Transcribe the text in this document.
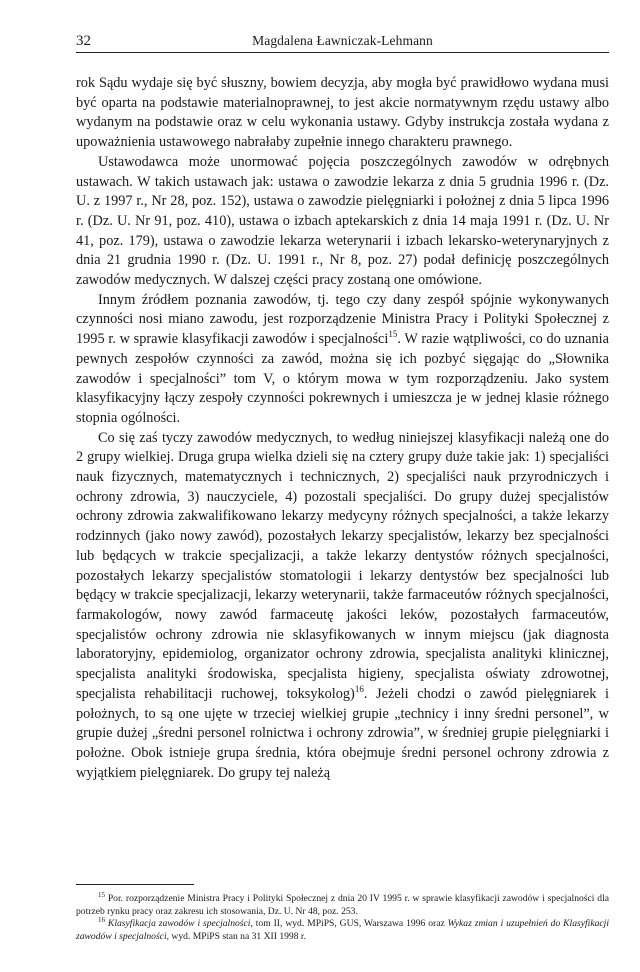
32	Magdalena Ławniczak-Lehmann

rok Sądu wydaje się być słuszny, bowiem decyzja, aby mogła być prawidłowo wydana musi być oparta na podstawie materialnoprawnej, to jest akcie normatywnym rzędu ustawy albo wydanym na podstawie oraz w celu wykonania ustawy. Gdyby instrukcja została wydana z upoważnienia ustawowego nabrałaby zupełnie innego charakteru prawnego.

Ustawodawca może unormować pojęcia poszczególnych zawodów w odrębnych ustawach. W takich ustawach jak: ustawa o zawodzie lekarza z dnia 5 grudnia 1996 r. (Dz. U. z 1997 r., Nr 28, poz. 152), ustawa o zawodzie pielęgniarki i położnej z dnia 5 lipca 1996 r. (Dz. U. Nr 91, poz. 410), ustawa o izbach aptekarskich z dnia 14 maja 1991 r. (Dz. U. Nr 41, poz. 179), ustawa o zawodzie lekarza weterynarii i izbach lekarsko-weterynaryjnych z dnia 21 grudnia 1990 r. (Dz. U. 1991 r., Nr 8, poz. 27) podał definicję poszczególnych zawodów medycznych. W dalszej części pracy zostaną one omówione.

Innym źródłem poznania zawodów, tj. tego czy dany zespół spójnie wykonywanych czynności nosi miano zawodu, jest rozporządzenie Ministra Pracy i Polityki Społecznej z 1995 r. w sprawie klasyfikacji zawodów i specjalności$^{15}$. W razie wątpliwości, co do uznania pewnych zespołów czynności za zawód, można się ich pozbyć sięgając do „Słownika zawodów i specjalności” tom V, o którym mowa w tym rozporządzeniu. Jako system klasyfikacyjny łączy zespoły czynności pokrewnych i umieszcza je w jednej klasie różnego stopnia ogólności.

Co się zaś tyczy zawodów medycznych, to według niniejszej klasyfikacji należą one do 2 grupy wielkiej. Druga grupa wielka dzieli się na cztery grupy duże takie jak: 1) specjaliści nauk fizycznych, matematycznych i technicznych, 2) specjaliści nauk przyrodniczych i ochrony zdrowia, 3) nauczyciele, 4) pozostali specjaliści. Do grupy dużej specjalistów ochrony zdrowia zakwalifikowano lekarzy medycyny różnych specjalności, a także lekarzy rodzinnych (jako nowy zawód), pozostałych lekarzy specjalistów, lekarzy bez specjalności lub będących w trakcie specjalizacji, a także lekarzy dentystów różnych specjalności, pozostałych lekarzy specjalistów stomatologii i lekarzy dentystów bez specjalności lub będący w trakcie specjalizacji, lekarzy weterynarii, także farmaceutów różnych specjalności, farmakologów, nowy zawód farmaceutę jakości leków, pozostałych farmaceutów, specjalistów ochrony zdrowia nie sklasyfikowanych w innym miejscu (jak diagnosta laboratoryjny, epidemiolog, organizator ochrony zdrowia, specjalista analityki klinicznej, specjalista analityki środowiska, specjalista higieny, specjalista oświaty zdrowotnej, specjalista rehabilitacji ruchowej, toksykolog)$^{16}$. Jeżeli chodzi o zawód pielęgniarek i położnych, to są one ujęte w trzeciej wielkiej grupie „technicy i inny średni personel”, w grupie dużej „średni personel rolnictwa i ochrony zdrowia”, w średniej grupie pielęgniarki i położne. Obok istnieje grupa średnia, która obejmuje średni personel ochrony zdrowia z wyjątkiem pielęgniarek. Do grupy tej należą

$^{15}$ Por. rozporządzenie Ministra Pracy i Polityki Społecznej z dnia 20 IV 1995 r. w sprawie klasyfikacji zawodów i specjalności dla potrzeb rynku pracy oraz zakresu ich stosowania, Dz. U. Nr 48, poz. 253.

$^{16}$ Klasyfikacja zawodów i specjalności, tom II, wyd. MPiPS, GUS, Warszawa 1996 oraz Wykaz zmian i uzupełnień do Klasyfikacji zawodów i specjalności, wyd. MPiPS stan na 31 XII 1998 r.
